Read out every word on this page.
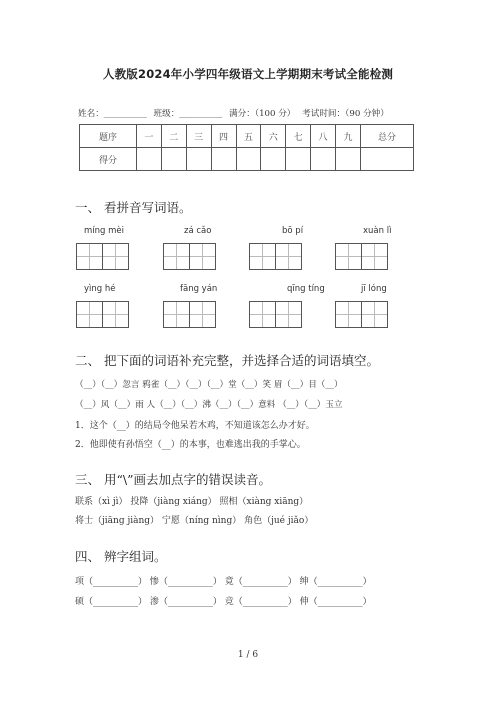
人教版2024年小学四年级语文上学期期末考试全能检测
姓名：__________ 班级：__________ 满分：（100 分） 考试时间：（90 分钟）
题序	一	二	三	四	五	六	七	八	九	总分
得分										
一、 看拼音写词语。
míng mèi	zá cǎo	bō pí	xuàn lì
yìng hé	fāng yán	qīng tíng	jī lóng
二、 把下面的词语补充完整，并选择合适的词语填空。
（__）（__）忽言 鸦雀（__）（__）（__）堂（__）笑 眉（__）目（__）
（__）风（__）雨 人（__）（__）沸（__）（__）意料 （__）（__）玉立
1．这个（__）的结局令他呆若木鸡，不知道该怎么办才好。
2．他即使有孙悟空（__）的本事，也难逃出我的手掌心。
三、 用“\”画去加点字的错误读音。
联系（xì jì） 投降（jiàng xiáng） 照相（xiàng xiāng）
将士（jiāng jiàng） 宁愿（níng nìng） 角色（jué jiǎo）
四、 辨字组词。
项（__________） 惨（__________） 竟（__________） 绅（__________）
硕（__________） 渗（__________） 竞（__________） 伸（__________）
1 / 6
